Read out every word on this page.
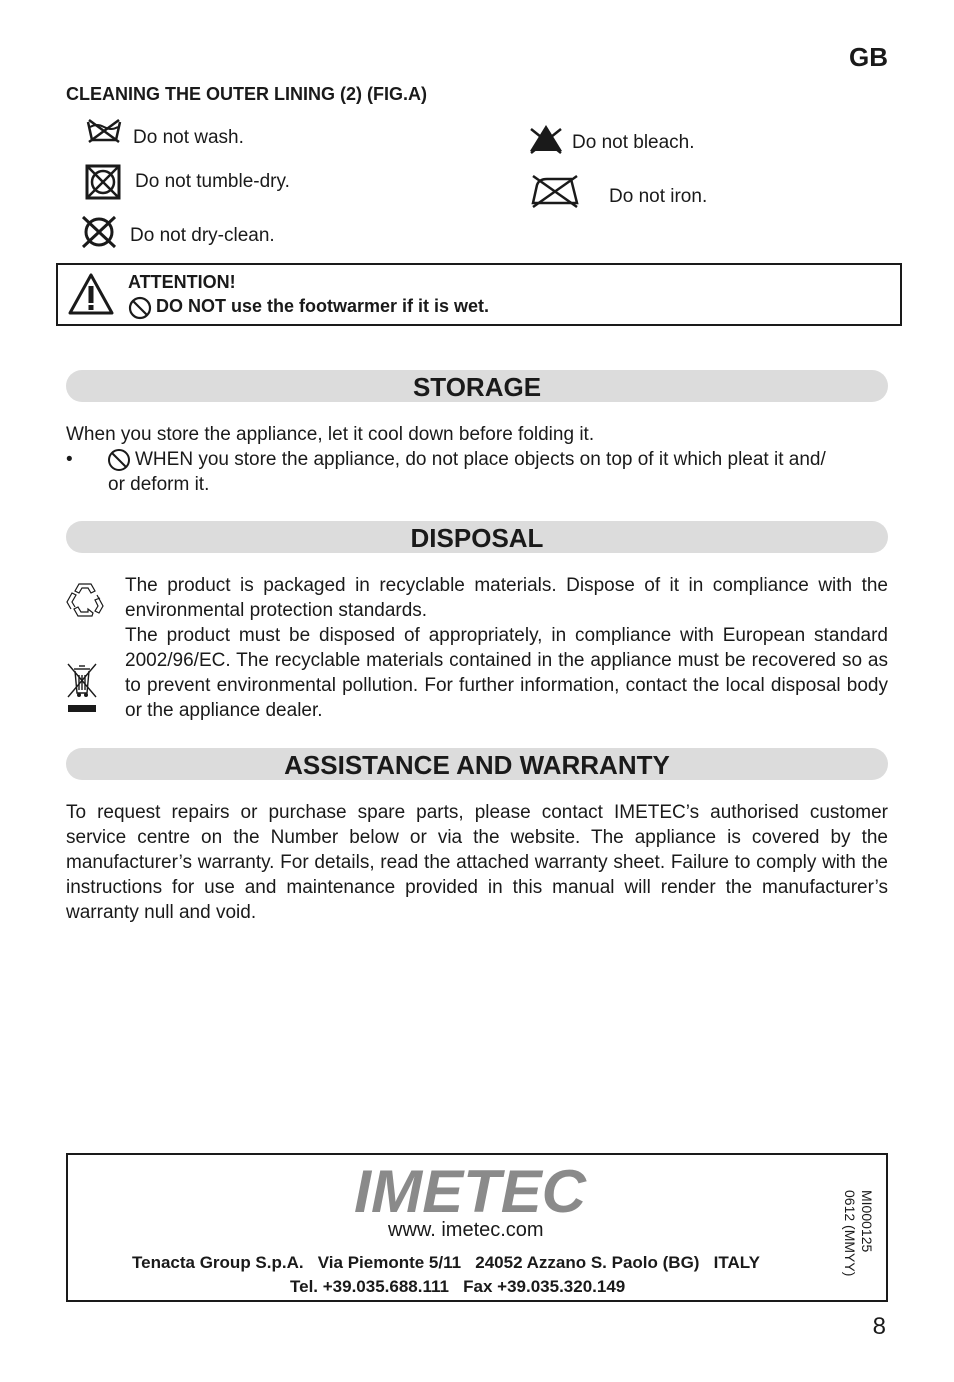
GB
CLEANING THE OUTER LINING (2) (FIG.A)
Do not wash.
Do not tumble-dry.
Do not dry-clean.
Do not bleach.
Do not iron.
ATTENTION!
DO NOT use the footwarmer if it is wet.
STORAGE
When you store the appliance, let it cool down before folding it.
•	WHEN you store the appliance, do not place objects on top of it which pleat it and/
or deform it.
DISPOSAL
The product is packaged in recyclable materials. Dispose of it in compliance with the environmental protection standards.
The product must be disposed of appropriately, in compliance with European standard 2002/96/EC. The recyclable materials contained in the appliance must be recovered so as to prevent environmental pollution. For further information, contact the local disposal body or the appliance dealer.
ASSISTANCE AND WARRANTY
To request repairs or purchase spare parts, please contact IMETEC’s authorised customer service centre on the Number below or via the website. The appliance is covered by the manufacturer’s warranty. For details, read the attached warranty sheet. Failure to comply with the instructions for use and maintenance provided in this manual will render the manufacturer’s warranty null and void.
IMETEC
www. imetec.com
Tenacta Group S.p.A.   Via Piemonte 5/11   24052 Azzano S. Paolo (BG)   ITALY
Tel. +39.035.688.111   Fax +39.035.320.149
MI000125
0612 (MMYY)
8
